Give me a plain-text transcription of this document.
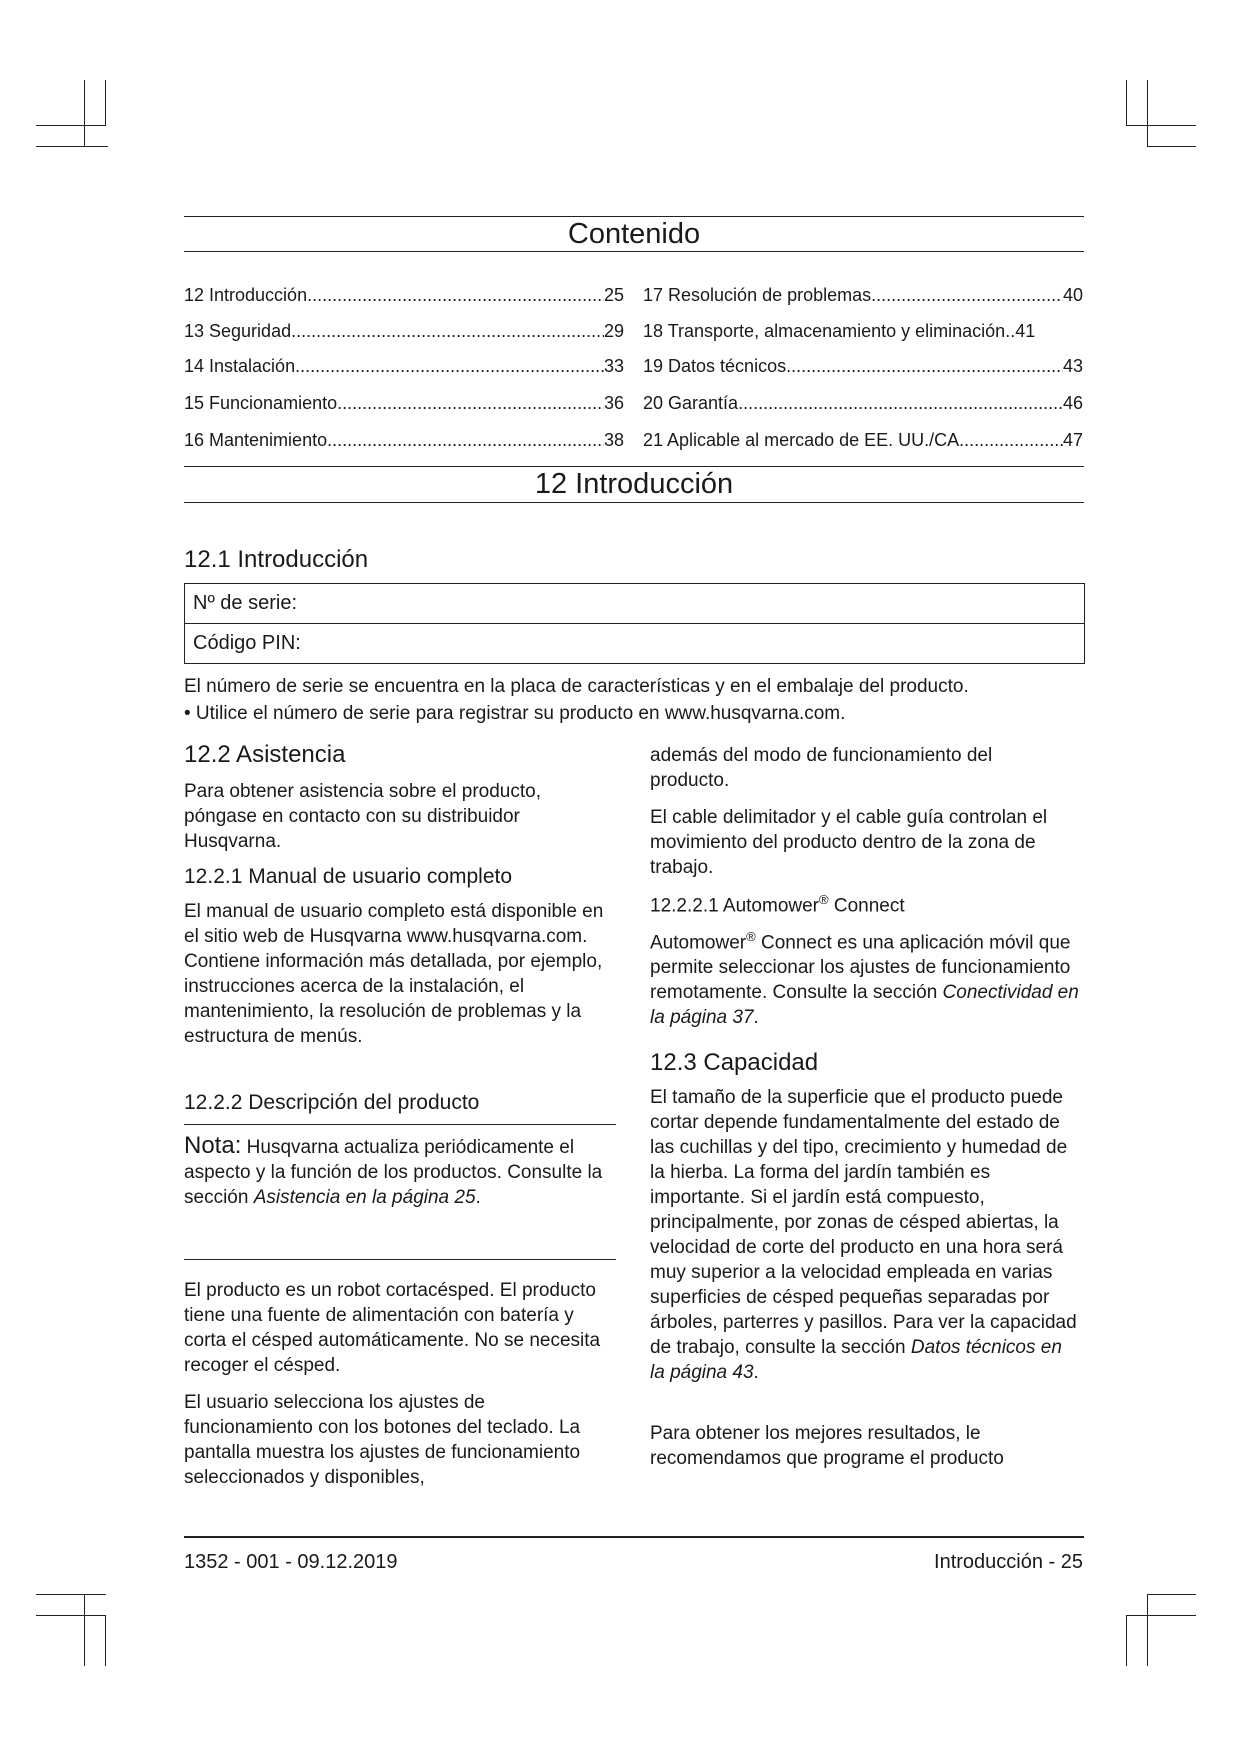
Contenido
12 Introducción .....	25
13 Seguridad .....	29
14 Instalación .....	33
15 Funcionamiento .....	36
16 Mantenimiento .....	38
17 Resolución de problemas .....	40
18 Transporte, almacenamiento y eliminación ..41
19 Datos técnicos .....	43
20 Garantía .....	46
21 Aplicable al mercado de EE. UU./CA .....	47
12 Introducción
12.1 Introducción
Nº de serie:
Código PIN:

El número de serie se encuentra en la placa de características y en el embalaje del producto.

• Utilice el número de serie para registrar su producto en www.husqvarna.com.

12.2 Asistencia

Para obtener asistencia sobre el producto, póngase en contacto con su distribuidor Husqvarna.

12.2.1 Manual de usuario completo

El manual de usuario completo está disponible en el sitio web de Husqvarna www.husqvarna.com. Contiene información más detallada, por ejemplo, instrucciones acerca de la instalación, el mantenimiento, la resolución de problemas y la estructura de menús.

12.2.2 Descripción del producto

Nota: Husqvarna actualiza periódicamente el aspecto y la función de los productos. Consulte la sección Asistencia en la página 25.

El producto es un robot cortacésped. El producto tiene una fuente de alimentación con batería y corta el césped automáticamente. No se necesita recoger el césped.

El usuario selecciona los ajustes de funcionamiento con los botones del teclado. La pantalla muestra los ajustes de funcionamiento seleccionados y disponibles,

además del modo de funcionamiento del producto.

El cable delimitador y el cable guía controlan el movimiento del producto dentro de la zona de trabajo.

12.2.2.1 Automower® Connect

Automower® Connect es una aplicación móvil que permite seleccionar los ajustes de funcionamiento remotamente. Consulte la sección Conectividad en la página 37.

12.3 Capacidad

El tamaño de la superficie que el producto puede cortar depende fundamentalmente del estado de las cuchillas y del tipo, crecimiento y humedad de la hierba. La forma del jardín también es importante. Si el jardín está compuesto, principalmente, por zonas de césped abiertas, la velocidad de corte del producto en una hora será muy superior a la velocidad empleada en varias superficies de césped pequeñas separadas por árboles, parterres y pasillos. Para ver la capacidad de trabajo, consulte la sección Datos técnicos en la página 43.

Para obtener los mejores resultados, le recomendamos que programe el producto

1352 - 001 - 09.12.2019	Introducción - 25
